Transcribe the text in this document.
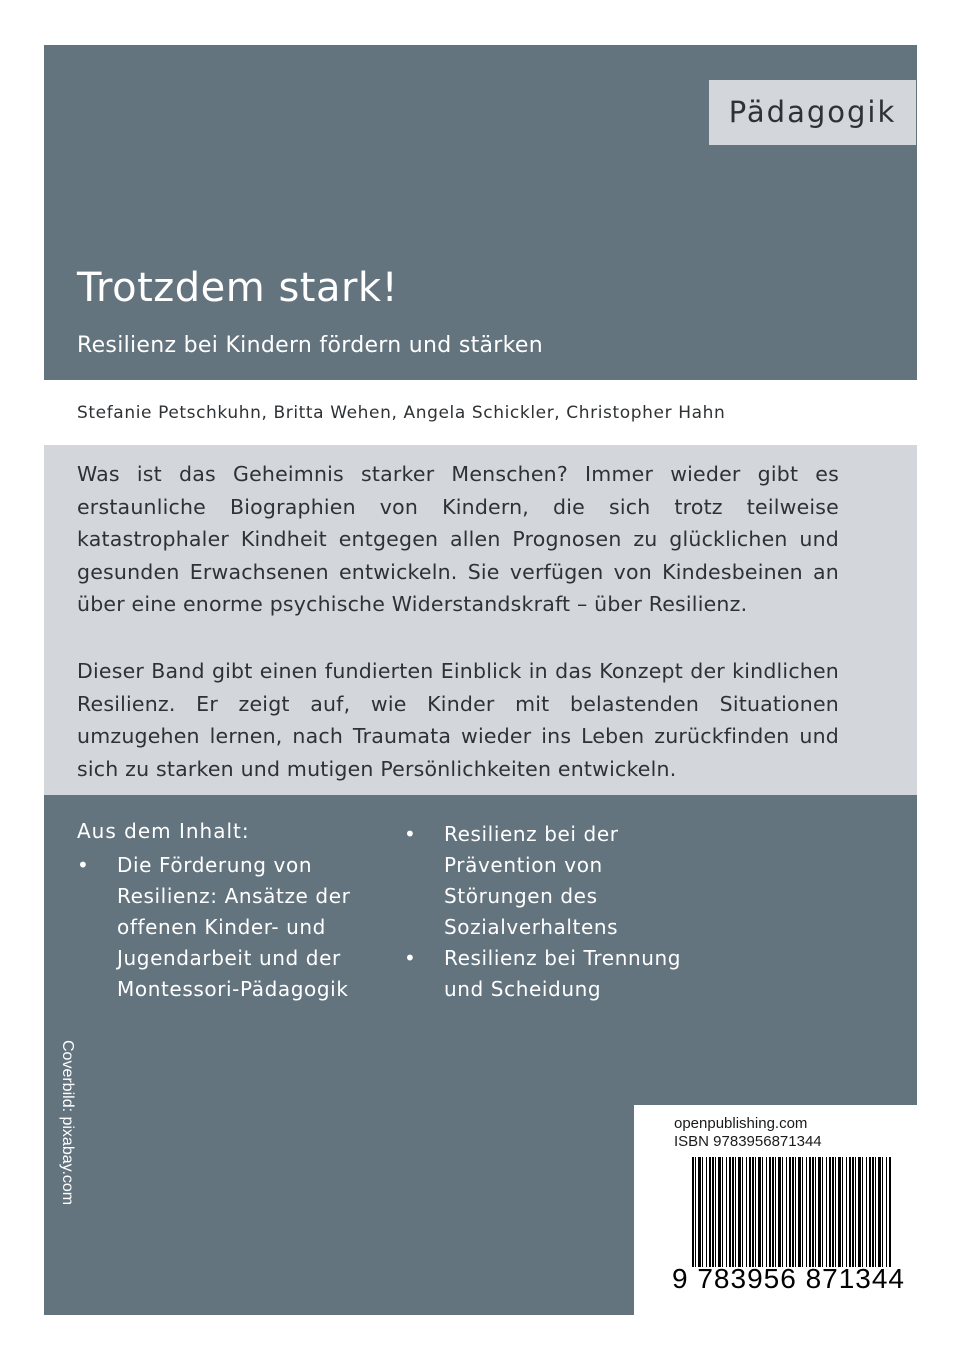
Pädagogik
Trotzdem stark!
Resilienz bei Kindern fördern und stärken
Stefanie Petschkuhn, Britta Wehen, Angela Schickler, Christopher Hahn

Was ist das Geheimnis starker Menschen? Immer wieder gibt es erstaunliche Biographien von Kindern, die sich trotz teilweise katastrophaler Kindheit entgegen allen Prognosen zu glücklichen und gesunden Erwachsenen entwickeln. Sie verfügen von Kindesbeinen an über eine enorme psychische Widerstandskraft – über Resilienz.

Dieser Band gibt einen fundierten Einblick in das Konzept der kindlichen Resilienz. Er zeigt auf, wie Kinder mit belastenden Situationen umzugehen lernen, nach Traumata wieder ins Leben zurückfinden und sich zu starken und mutigen Persönlichkeiten entwickeln.

Aus dem Inhalt:
•	Die Förderung von Resilienz: Ansätze der offenen Kinder- und Jugendarbeit und der Montessori-Pädagogik
•	Resilienz bei der Prävention von Störungen des Sozialverhaltens
•	Resilienz bei Trennung und Scheidung
Coverbild: pixabay.com	openpublishing.com
ISBN 9783956871344
9 783956 871344
